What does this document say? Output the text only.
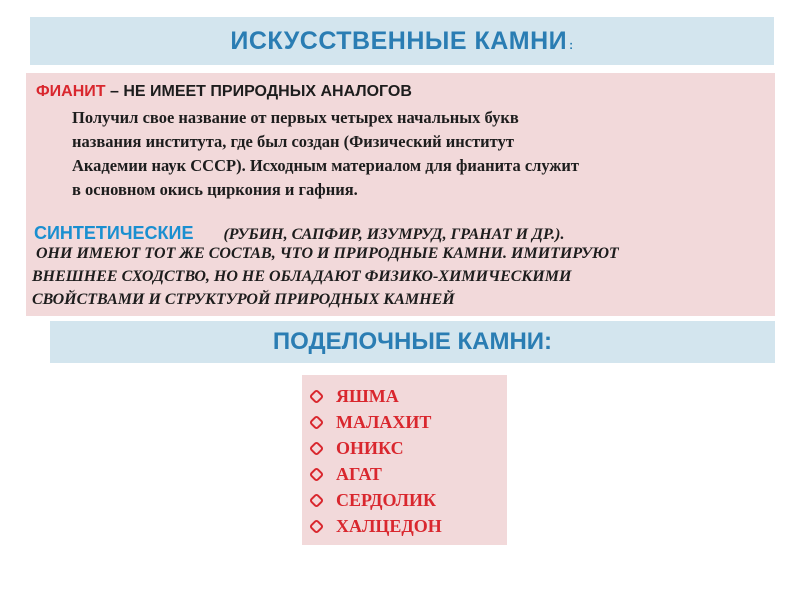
ИСКУССТВЕННЫЕ КАМНИ :
ФИАНИТ – НЕ ИМЕЕТ ПРИРОДНЫХ АНАЛОГОВ
Получил свое название от первых четырех начальных букв
названия института, где был создан (Физический институт
Академии наук СССР). Исходным материалом для фианита служит
в основном окись циркония и гафния.
СИНТЕТИЧЕСКИЕ (РУБИН, САПФИР, ИЗУМРУД, ГРАНАТ И ДР.).
ОНИ ИМЕЮТ ТОТ ЖЕ СОСТАВ, ЧТО И ПРИРОДНЫЕ КАМНИ. ИМИТИРУЮТ
ВНЕШНЕЕ СХОДСТВО, НО НЕ ОБЛАДАЮТ ФИЗИКО-ХИМИЧЕСКИМИ
СВОЙСТВАМИ И СТРУКТУРОЙ ПРИРОДНЫХ КАМНЕЙ
ПОДЕЛОЧНЫЕ КАМНИ:
ЯШМА
МАЛАХИТ
ОНИКС
АГАТ
СЕРДОЛИК
ХАЛЦЕДОН
